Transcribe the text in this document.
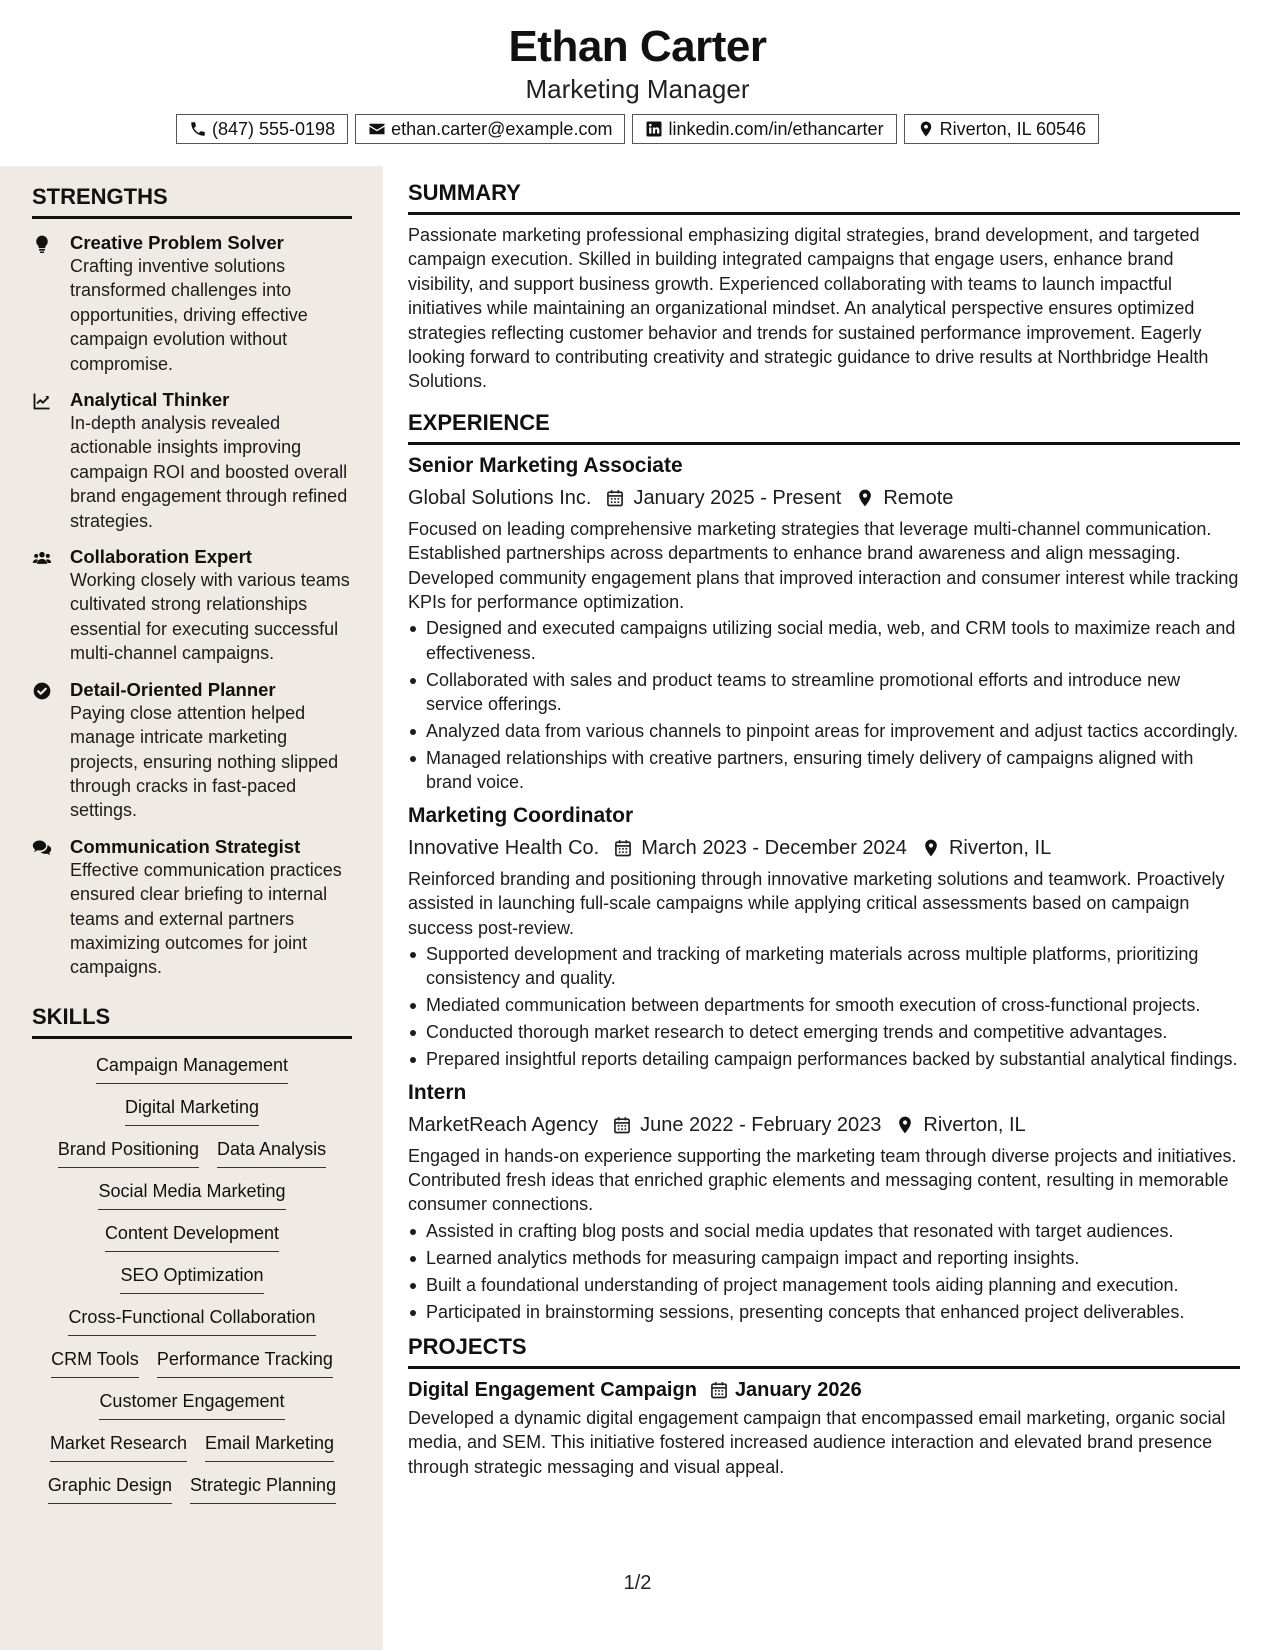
Ethan Carter
Marketing Manager
(847) 555-0198	ethan.carter@example.com	linkedin.com/in/ethancarter	Riverton, IL 60546
STRENGTHS
Creative Problem Solver
Crafting inventive solutions transformed challenges into opportunities, driving effective campaign evolution without compromise.
Analytical Thinker
In-depth analysis revealed actionable insights improving campaign ROI and boosted overall brand engagement through refined strategies.
Collaboration Expert
Working closely with various teams cultivated strong relationships essential for executing successful multi-channel campaigns.
Detail-Oriented Planner
Paying close attention helped manage intricate marketing projects, ensuring nothing slipped through cracks in fast-paced settings.
Communication Strategist
Effective communication practices ensured clear briefing to internal teams and external partners maximizing outcomes for joint campaigns.
SKILLS
Campaign Management
Digital Marketing
Brand Positioning Data Analysis
Social Media Marketing
Content Development
SEO Optimization
Cross-Functional Collaboration
CRM Tools Performance Tracking
Customer Engagement
Market Research Email Marketing
Graphic Design Strategic Planning
SUMMARY
Passionate marketing professional emphasizing digital strategies, brand development, and targeted campaign execution. Skilled in building integrated campaigns that engage users, enhance brand visibility, and support business growth. Experienced collaborating with teams to launch impactful initiatives while maintaining an organizational mindset. An analytical perspective ensures optimized strategies reflecting customer behavior and trends for sustained performance improvement. Eagerly looking forward to contributing creativity and strategic guidance to drive results at Northbridge Health Solutions.
EXPERIENCE
Senior Marketing Associate
Global Solutions Inc. January 2025 - Present Remote
Focused on leading comprehensive marketing strategies that leverage multi-channel communication. Established partnerships across departments to enhance brand awareness and align messaging. Developed community engagement plans that improved interaction and consumer interest while tracking KPIs for performance optimization.
Designed and executed campaigns utilizing social media, web, and CRM tools to maximize reach and effectiveness.
Collaborated with sales and product teams to streamline promotional efforts and introduce new service offerings.
Analyzed data from various channels to pinpoint areas for improvement and adjust tactics accordingly.
Managed relationships with creative partners, ensuring timely delivery of campaigns aligned with brand voice.
Marketing Coordinator
Innovative Health Co. March 2023 - December 2024 Riverton, IL
Reinforced branding and positioning through innovative marketing solutions and teamwork. Proactively assisted in launching full-scale campaigns while applying critical assessments based on campaign success post-review.
Supported development and tracking of marketing materials across multiple platforms, prioritizing consistency and quality.
Mediated communication between departments for smooth execution of cross-functional projects.
Conducted thorough market research to detect emerging trends and competitive advantages.
Prepared insightful reports detailing campaign performances backed by substantial analytical findings.
Intern
MarketReach Agency June 2022 - February 2023 Riverton, IL
Engaged in hands-on experience supporting the marketing team through diverse projects and initiatives. Contributed fresh ideas that enriched graphic elements and messaging content, resulting in memorable consumer connections.
Assisted in crafting blog posts and social media updates that resonated with target audiences.
Learned analytics methods for measuring campaign impact and reporting insights.
Built a foundational understanding of project management tools aiding planning and execution.
Participated in brainstorming sessions, presenting concepts that enhanced project deliverables.
PROJECTS
Digital Engagement Campaign January 2026
Developed a dynamic digital engagement campaign that encompassed email marketing, organic social media, and SEM. This initiative fostered increased audience interaction and elevated brand presence through strategic messaging and visual appeal.
1/2
